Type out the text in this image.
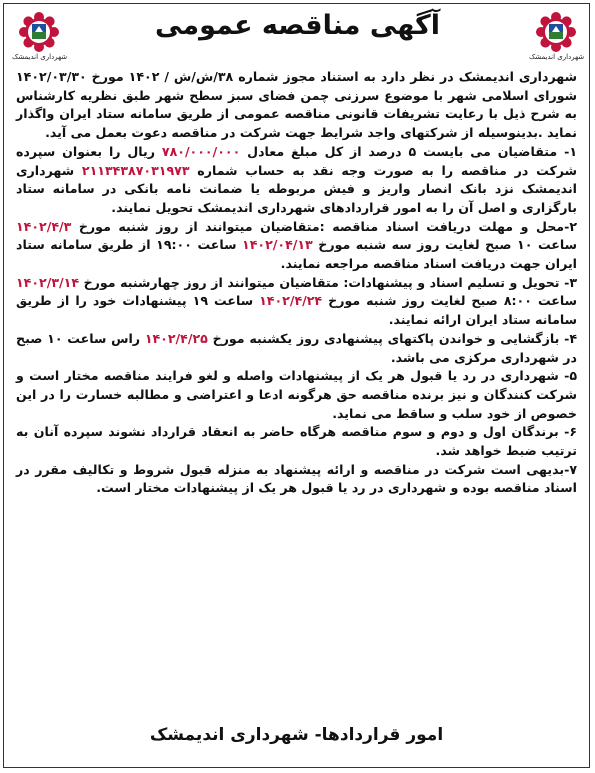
شهرداری اندیمشک
آگهی مناقصه عمومی
شهرداری اندیمشک

شهرداری اندیمشک در نظر دارد به استناد مجوز شماره ۳۸/ش/ش / ۱۴۰۲ مورخ ۱۴۰۲/۰۳/۳۰ شورای اسلامی شهر با موضوع سرزنی چمن فضای سبز سطح شهر طبق نظریه کارشناس به شرح ذیل با رعایت تشریفات قانونی مناقصه عمومی از طریق سامانه ستاد ایران واگذار نماید .بدینوسیله از شرکتهای واجد شرایط جهت شرکت در مناقصه دعوت بعمل می آید.

۱- متقاضیان می بایست ۵ درصد از کل مبلغ معادل ۷۸۰/۰۰۰/۰۰۰ ریال را بعنوان سپرده شرکت در مناقصه را به صورت وجه نقد به حساب شماره ۲۱۱۳۴۳۸۷۰۳۱۹۷۳ شهرداری اندیمشک نزد بانک انصار واریز و فیش مربوطه یا ضمانت نامه بانکی در سامانه ستاد بارگزاری و اصل آن را به امور قراردادهای شهرداری اندیمشک تحویل نمایند.

۲-محل و مهلت دریافت اسناد مناقصه :متقاضیان میتوانند از روز شنبه مورخ ۱۴۰۲/۴/۳ ساعت ۱۰ صبح لغایت روز سه شنبه مورخ ۱۴۰۲/۰۴/۱۳ ساعت ۱۹:۰۰ از طریق سامانه ستاد ایران جهت دریافت اسناد مناقصه مراجعه نمایند.

۳- تحویل و تسلیم اسناد و پیشنهادات: متقاضیان میتوانند از روز چهارشنبه مورخ ۱۴۰۲/۳/۱۴ ساعت ۸:۰۰ صبح لغایت روز شنبه مورخ ۱۴۰۲/۴/۲۴ ساعت ۱۹ پیشنهادات خود را از طریق سامانه ستاد ایران ارائه نمایند.

۴- بازگشایی و خواندن پاکتهای پیشنهادی روز یکشنبه مورخ ۱۴۰۲/۴/۲۵ راس ساعت ۱۰ صبح در شهرداری مرکزی می باشد.

۵- شهرداری در رد یا قبول هر یک از پیشنهادات واصله و لغو فرایند مناقصه مختار است و شرکت کنندگان و نیز برنده مناقصه حق هرگونه ادعا و اعتراضی و مطالبه خسارت را در این خصوص از خود سلب و ساقط می نماید.

۶- برندگان اول و دوم و سوم مناقصه هرگاه حاضر به انعقاد قرارداد نشوند سپرده آنان به ترتیب ضبط خواهد شد.

۷-بدیهی است شرکت در مناقصه و ارائه پیشنهاد به منزله قبول شروط و تکالیف مقرر در اسناد مناقصه بوده و شهرداری در رد یا قبول هر یک از پیشنهادات مختار است.

امور قراردادها- شهرداری اندیمشک
